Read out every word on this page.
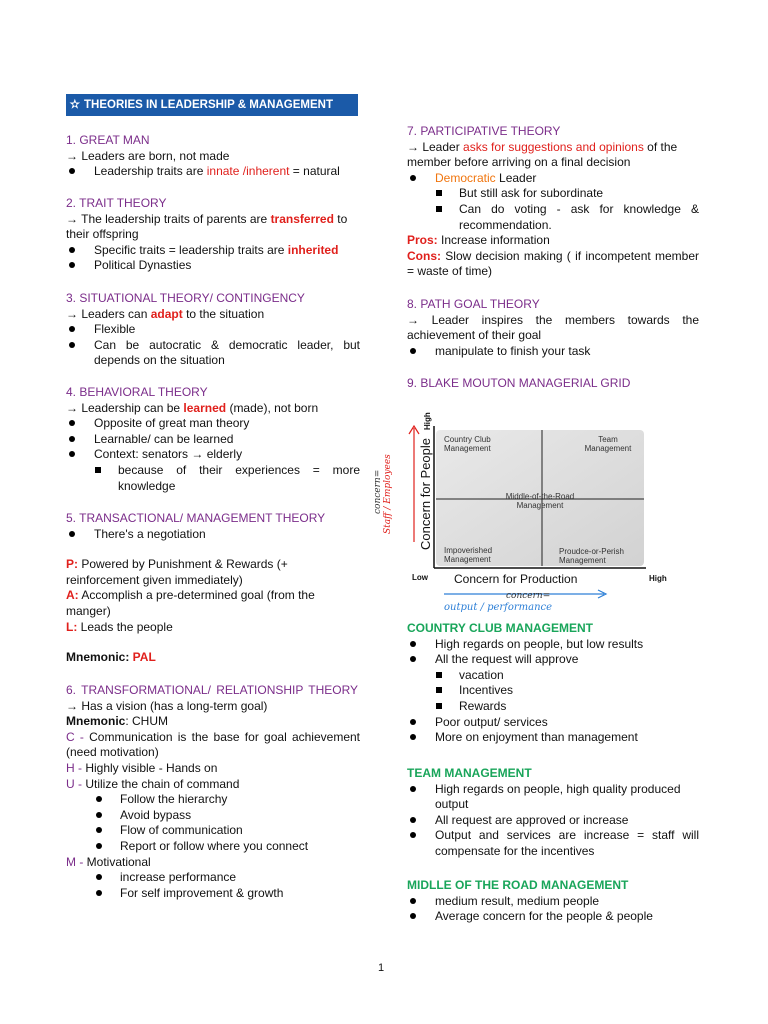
✫ THEORIES IN LEADERSHIP & MANAGEMENT

1. GREAT MAN

→ Leaders are born, not made

Leadership traits are innate /inherent = natural

2. TRAIT THEORY

→ The leadership traits of parents are transferred to their offspring

Specific traits = leadership traits are inherited
Political Dynasties

3. SITUATIONAL THEORY/ CONTINGENCY

→ Leaders can adapt to the situation

Flexible
Can be autocratic & democratic leader, but depends on the situation

4. BEHAVIORAL THEORY

→ Leadership can be learned (made), not born

Opposite of great man theory
Learnable/ can be learned
Context: senators → elderly
because of their experiences = more knowledge

5. TRANSACTIONAL/ MANAGEMENT THEORY

There's a negotiation

P: Powered by Punishment & Rewards (+ reinforcement given immediately)

A: Accomplish a pre-determined goal (from the manger)

L: Leads the people

Mnemonic: PAL

6. TRANSFORMATIONAL/ RELATIONSHIP THEORY

→ Has a vision (has a long-term goal)

Mnemonic: CHUM

C - Communication is the base for goal achievement (need motivation)

H - Highly visible - Hands on

U - Utilize the chain of command

Follow the hierarchy
Avoid bypass
Flow of communication
Report or follow where you connect

M - Motivational

increase performance
For self improvement & growth

7. PARTICIPATIVE THEORY

→ Leader asks for suggestions and opinions of the member before arriving on a final decision

Democratic Leader
But still ask for subordinate
Can do voting - ask for knowledge & recommendation.

Pros: Increase information

Cons: Slow decision making ( if incompetent member = waste of time)

8. PATH GOAL THEORY

→ Leader inspires the members towards the achievement of their goal

manipulate to finish your task

9. BLAKE MOUTON MANAGERIAL GRID

COUNTRY CLUB MANAGEMENT

High regards on people, but low results
All the request will approve
vacation
Incentives
Rewards
Poor output/ services
More on enjoyment than management

TEAM MANAGEMENT

High regards on people, high quality produced output
All request are approved or increase
Output and services are increase = staff will compensate for the incentives

MIDLLE OF THE ROAD MANAGEMENT

medium result, medium people
Average concern for the people & people
Country Club
Management
Team
Management
Middle-of-the-Road
Management
Impoverished
Management
Proudce-or-Perish
Management
Concern for People
High
Low Concern for Production	High
concern= Staff / Employees
concern=
output / performance
1
